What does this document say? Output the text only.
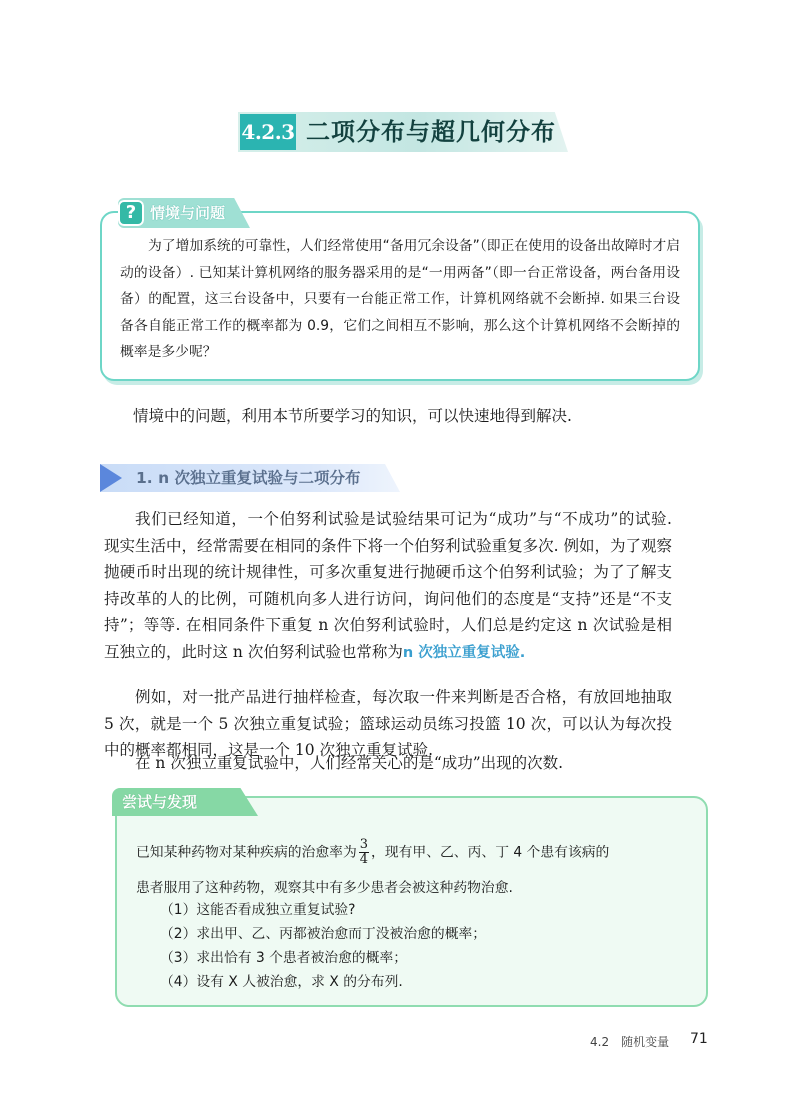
4.2.3 二项分布与超几何分布
? 情境与问题
为了增加系统的可靠性，人们经常使用“备用冗余设备”（即正在使用的设备出故障时才启动的设备）. 已知某计算机网络的服务器采用的是“一用两备”（即一台正常设备，两台备用设备）的配置，这三台设备中，只要有一台能正常工作，计算机网络就不会断掉. 如果三台设备各自能正常工作的概率都为 0.9，它们之间相互不影响，那么这个计算机网络不会断掉的概率是多少呢？
情境中的问题，利用本节所要学习的知识，可以快速地得到解决.
1. n 次独立重复试验与二项分布
我们已经知道，一个伯努利试验是试验结果可记为“成功”与“不成功”的试验. 现实生活中，经常需要在相同的条件下将一个伯努利试验重复多次. 例如，为了观察抛硬币时出现的统计规律性，可多次重复进行抛硬币这个伯努利试验；为了了解支持改革的人的比例，可随机向多人进行访问，询问他们的态度是“支持”还是“不支持”；等等. 在相同条件下重复 n 次伯努利试验时，人们总是约定这 n 次试验是相互独立的，此时这 n 次伯努利试验也常称为n 次独立重复试验.
例如，对一批产品进行抽样检查，每次取一件来判断是否合格，有放回地抽取 5 次，就是一个 5 次独立重复试验；篮球运动员练习投篮 10 次，可以认为每次投中的概率都相同，这是一个 10 次独立重复试验.
在 n 次独立重复试验中，人们经常关心的是“成功”出现的次数.
尝试与发现
已知某种药物对某种疾病的治愈率为 $\frac{3}{4}$ ，现有甲、乙、丙、丁 4 个患有该病的
患者服用了这种药物，观察其中有多少患者会被这种药物治愈.
（1）这能否看成独立重复试验?
（2）求出甲、乙、丙都被治愈而丁没被治愈的概率；
（3）求出恰有 3 个患者被治愈的概率；
（4）设有 X 人被治愈，求 X 的分布列.
4.2　随机变量 71
